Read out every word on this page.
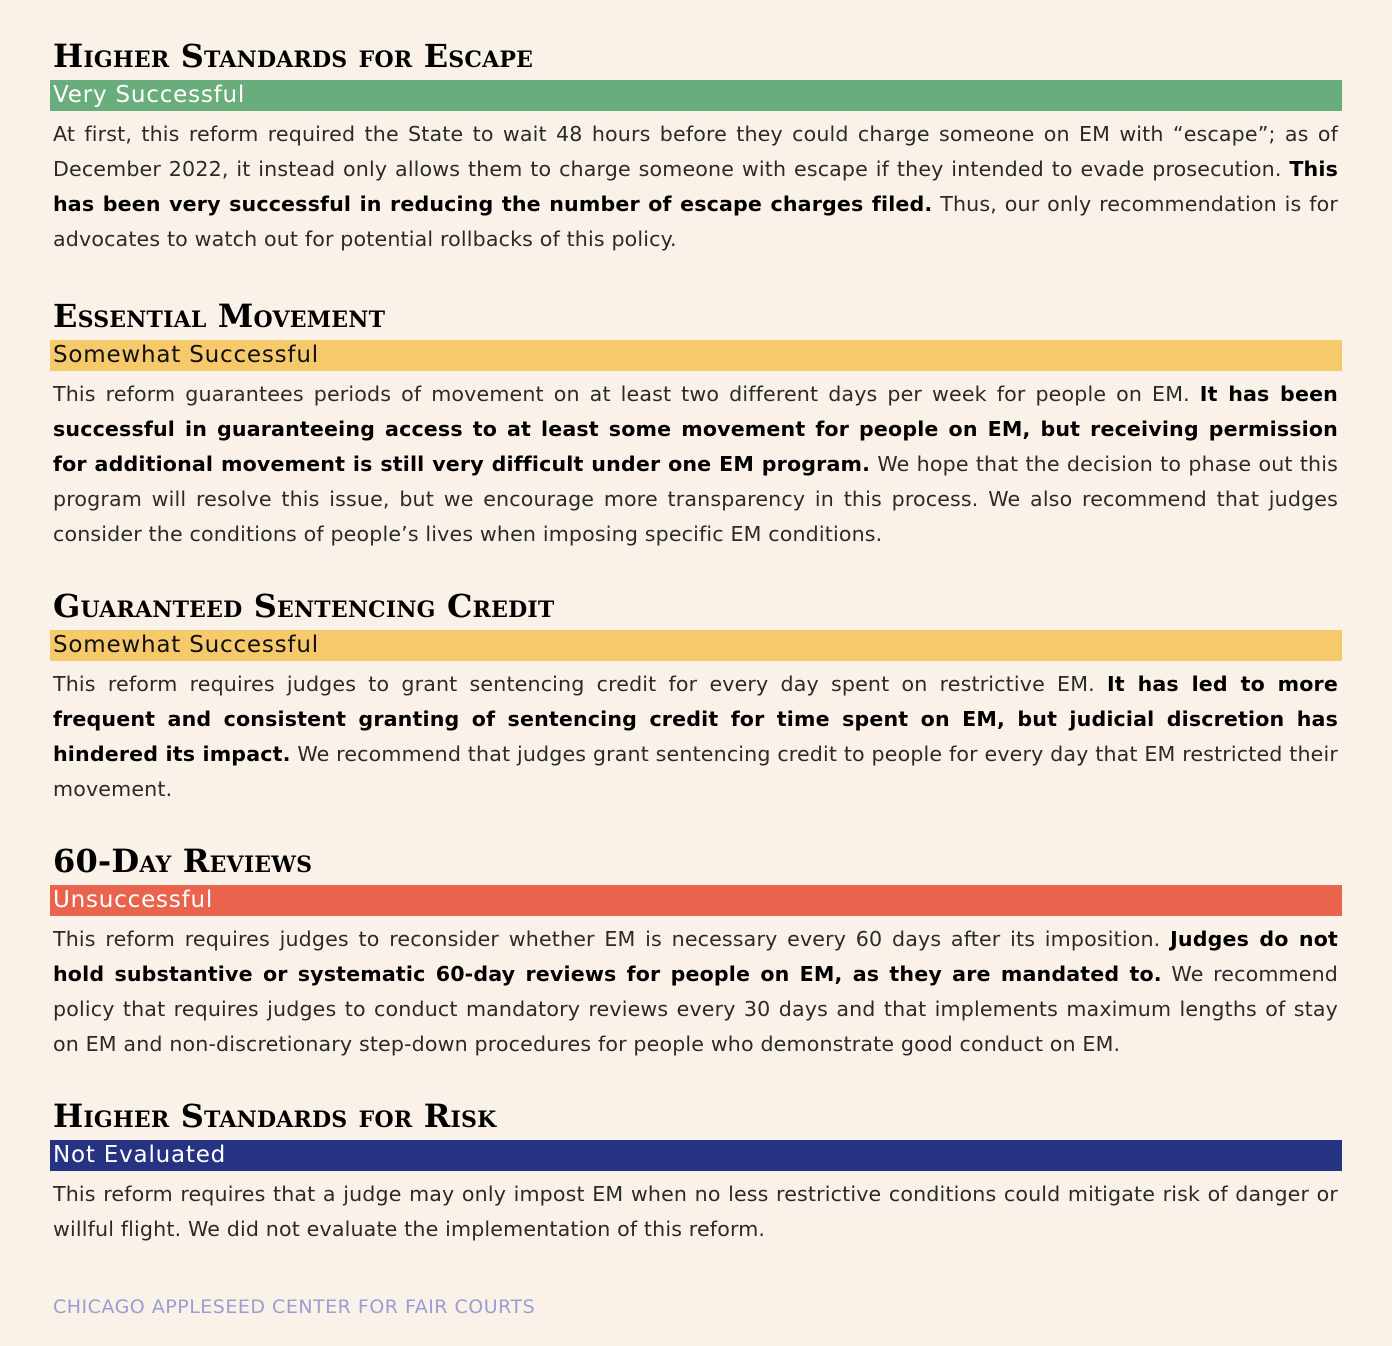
Higher Standards for Escape
Very Successful
At first, this reform required the State to wait 48 hours before they could charge someone on EM with “escape”; as of December 2022, it instead only allows them to charge someone with escape if they intended to evade prosecution. This has been very successful in reducing the number of escape charges filed. Thus, our only recommendation is for advocates to watch out for potential rollbacks of this policy.
Essential Movement
Somewhat Successful
This reform guarantees periods of movement on at least two different days per week for people on EM. It has been successful in guaranteeing access to at least some movement for people on EM, but receiving permission for additional movement is still very difficult under one EM program. We hope that the decision to phase out this program will resolve this issue, but we encourage more transparency in this process. We also recommend that judges consider the conditions of people’s lives when imposing specific EM conditions.
Guaranteed Sentencing Credit
Somewhat Successful
This reform requires judges to grant sentencing credit for every day spent on restrictive EM. It has led to more frequent and consistent granting of sentencing credit for time spent on EM, but judicial discretion has hindered its impact. We recommend that judges grant sentencing credit to people for every day that EM restricted their movement.
60-Day Reviews
Unsuccessful
This reform requires judges to reconsider whether EM is necessary every 60 days after its imposition. Judges do not hold substantive or systematic 60-day reviews for people on EM, as they are mandated to. We recommend policy that requires judges to conduct mandatory reviews every 30 days and that implements maximum lengths of stay on EM and non-discretionary step-down procedures for people who demonstrate good conduct on EM.
Higher Standards for Risk
Not Evaluated
This reform requires that a judge may only impost EM when no less restrictive conditions could mitigate risk of danger or willful flight. We did not evaluate the implementation of this reform.
CHICAGO APPLESEED CENTER FOR FAIR COURTS
